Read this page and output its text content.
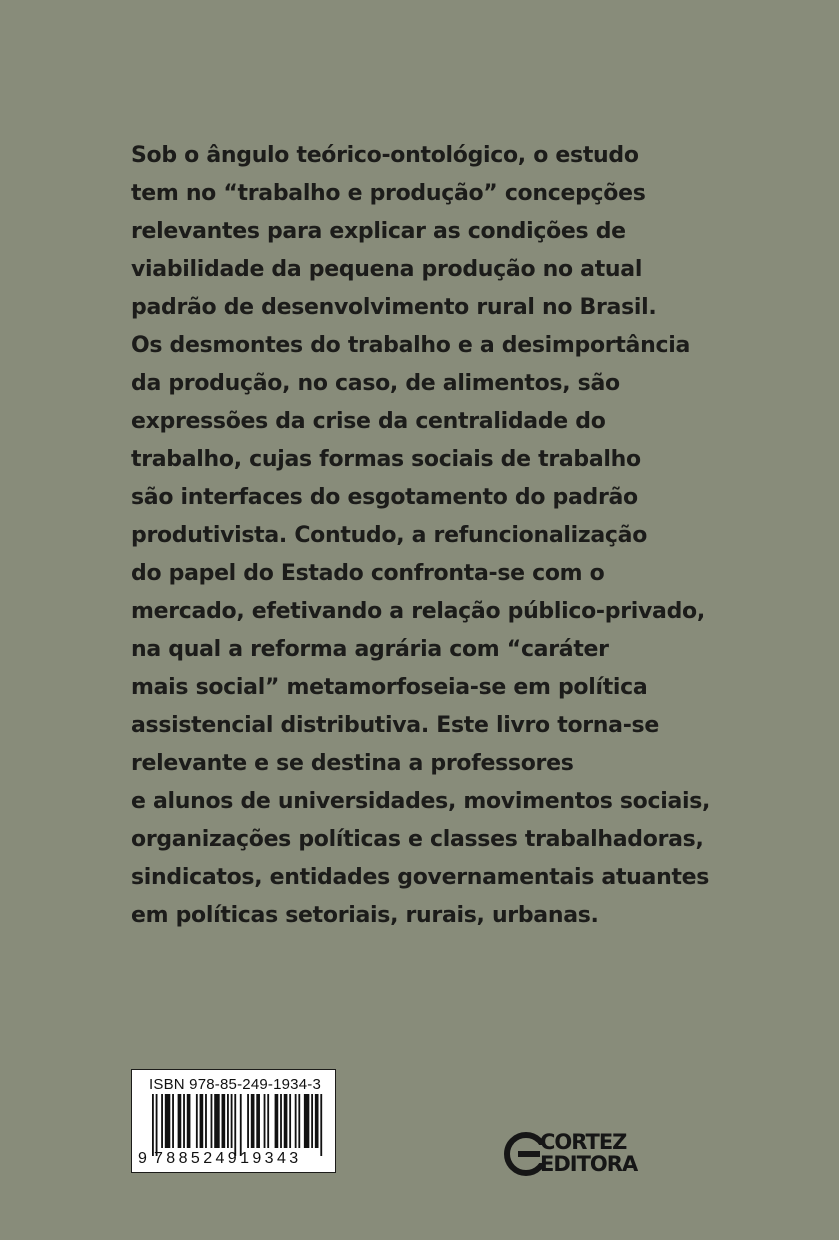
Sob o ângulo teórico-ontológico, o estudo
tem no “trabalho e produção” concepções
relevantes para explicar as condições de
viabilidade da pequena produção no atual
padrão de desenvolvimento rural no Brasil.
Os desmontes do trabalho e a desimportância
da produção, no caso, de alimentos, são
expressões da crise da centralidade do
trabalho, cujas formas sociais de trabalho
são interfaces do esgotamento do padrão
produtivista. Contudo, a refuncionalização
do papel do Estado confronta-se com o
mercado, efetivando a relação público-privado,
na qual a reforma agrária com “caráter
mais social” metamorfoseia-se em política
assistencial distributiva. Este livro torna-se
relevante e se destina a professores
e alunos de universidades, movimentos sociais,
organizações políticas e classes trabalhadoras,
sindicatos, entidades governamentais atuantes
em políticas setoriais, rurais, urbanas.
ISBN 978-85-249-1934-3
9 788524919343
CORTEZ
EDITORA
